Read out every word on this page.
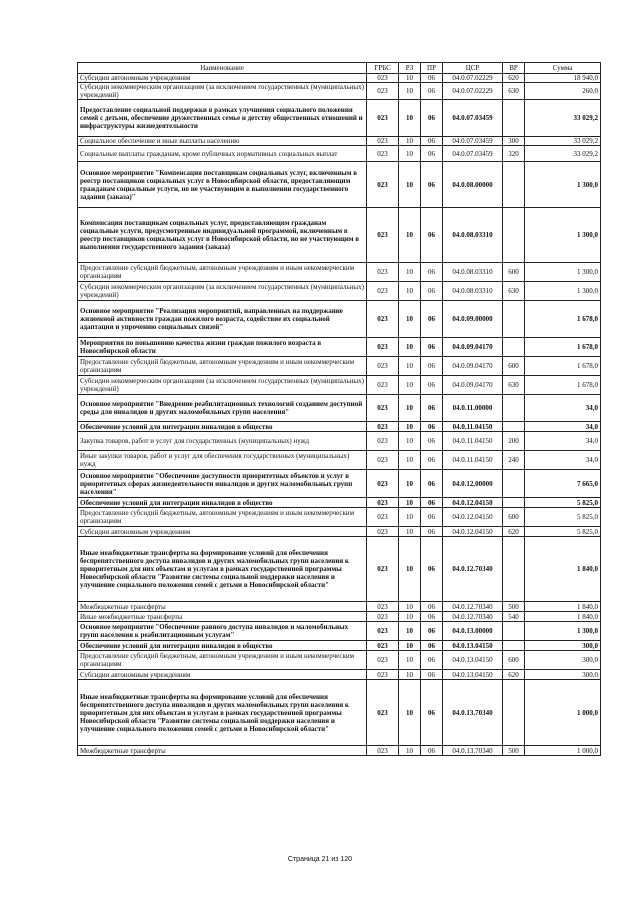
Наименование	ГРБС	РЗ	ПР	ЦСР	ВР	Сумма
Субсидии автономным учреждениям	023	10	06	04.0.07.02229	620	18 940,0
Субсидии некоммерческим организациям (за исключением государственных (муниципальных) учреждений)	023	10	06	04.0.07.02229	630	260,0
Предоставление социальной поддержки в рамках улучшения социального положения семей с детьми, обеспечение дружественных семье и детству общественных отношений и инфраструктуры жизнедеятельности	023	10	06	04.0.07.03459		33 029,2
Социальное обеспечение и иные выплаты населению	023	10	06	04.0.07.03459	300	33 029,2
Социальные выплаты гражданам, кроме публичных нормативных социальных выплат	023	10	06	04.0.07.03459	320	33 029,2
Основное мероприятие "Компенсация поставщикам социальных услуг, включенным в реестр поставщиков социальных услуг в Новосибирской области, предоставляющим гражданам социальные услуги, но не участвующим в выполнении государственного задания (заказа)"	023	10	06	04.0.08.00000		1 300,0
Компенсация поставщикам социальных услуг, предоставляющим гражданам социальные услуги, предусмотренные индивидуальной программой, включенным в реестр поставщиков социальных услуг в Новосибирской области, но не участвующим в выполнении государственного задания (заказа)	023	10	06	04.0.08.03310		1 300,0
Предоставление субсидий бюджетным, автономным учреждениям и иным некоммерческим организациям	023	10	06	04.0.08.03310	600	1 300,0
Субсидии некоммерческим организациям (за исключением государственных (муниципальных) учреждений)	023	10	06	04.0.08.03310	630	1 300,0
Основное мероприятие "Реализация мероприятий, направленных на поддержание жизненной активности граждан пожилого возраста, содействие их социальной адаптации и упрочению социальных связей"	023	10	06	04.0.09.00000		1 678,0
Мероприятия по повышению качества жизни граждан пожилого возраста в Новосибирской области	023	10	06	04.0.09.04170		1 678,0
Предоставление субсидий бюджетным, автономным учреждениям и иным некоммерческим организациям	023	10	06	04.0.09.04170	600	1 678,0
Субсидии некоммерческим организациям (за исключением государственных (муниципальных) учреждений)	023	10	06	04.0.09.04170	630	1 678,0
Основное мероприятие "Внедрение реабилитационных технологий созданием доступной среды для инвалидов и других маломобильных групп населения"	023	10	06	04.0.11.00000		34,0
Обеспечение условий для интеграции инвалидов в общество	023	10	06	04.0.11.04150		34,0
Закупка товаров, работ и услуг для государственных (муниципальных) нужд	023	10	06	04.0.11.04150	200	34,0
Иные закупки товаров, работ и услуг для обеспечения государственных (муниципальных) нужд	023	10	06	04.0.11.04150	240	34,0
Основное мероприятие "Обеспечение доступности приоритетных объектов и услуг в приоритетных сферах жизнедеятельности инвалидов и других маломобильных групп населения"	023	10	06	04.0.12.00000		7 665,0
Обеспечение условий для интеграции инвалидов в общество	023	10	06	04.0.12.04150		5 825,0
Предоставление субсидий бюджетным, автономным учреждениям и иным некоммерческим организациям	023	10	06	04.0.12.04150	600	5 825,0
Субсидии автономным учреждениям	023	10	06	04.0.12.04150	620	5 825,0
Иные межбюджетные трансферты на формирование условий для обеспечения беспрепятственного доступа инвалидов и других маломобильных групп населения к приоритетным для них объектам и услугам в рамках государственной программы Новосибирской области "Развитие системы социальной поддержки населения и улучшение социального положения семей с детьми в Новосибирской области"	023	10	06	04.0.12.70340		1 840,0
Межбюджетные трансферты	023	10	06	04.0.12.70340	500	1 840,0
Иные межбюджетные трансферты	023	10	06	04.0.12.70340	540	1 840,0
Основное мероприятие "Обеспечение равного доступа инвалидов и маломобильных групп населения к реабилитационным услугам"	023	10	06	04.0.13.00000		1 300,0
Обеспечение условий для интеграции инвалидов в общество	023	10	06	04.0.13.04150		300,0
Предоставление субсидий бюджетным, автономным учреждениям и иным некоммерческим организациям	023	10	06	04.0.13.04150	600	300,0
Субсидии автономным учреждениям	023	10	06	04.0.13.04150	620	300,0
Иные межбюджетные трансферты на формирование условий для обеспечения беспрепятственного доступа инвалидов и других маломобильных групп населения к приоритетным для них объектам и услугам в рамках государственной программы Новосибирской области "Развитие системы социальной поддержки населения и улучшение социального положения семей с детьми в Новосибирской области"	023	10	06	04.0.13.70340		1 000,0
Межбюджетные трансферты	023	10	06	04.0.13.70340	500	1 000,0
Страница 21 из 120
